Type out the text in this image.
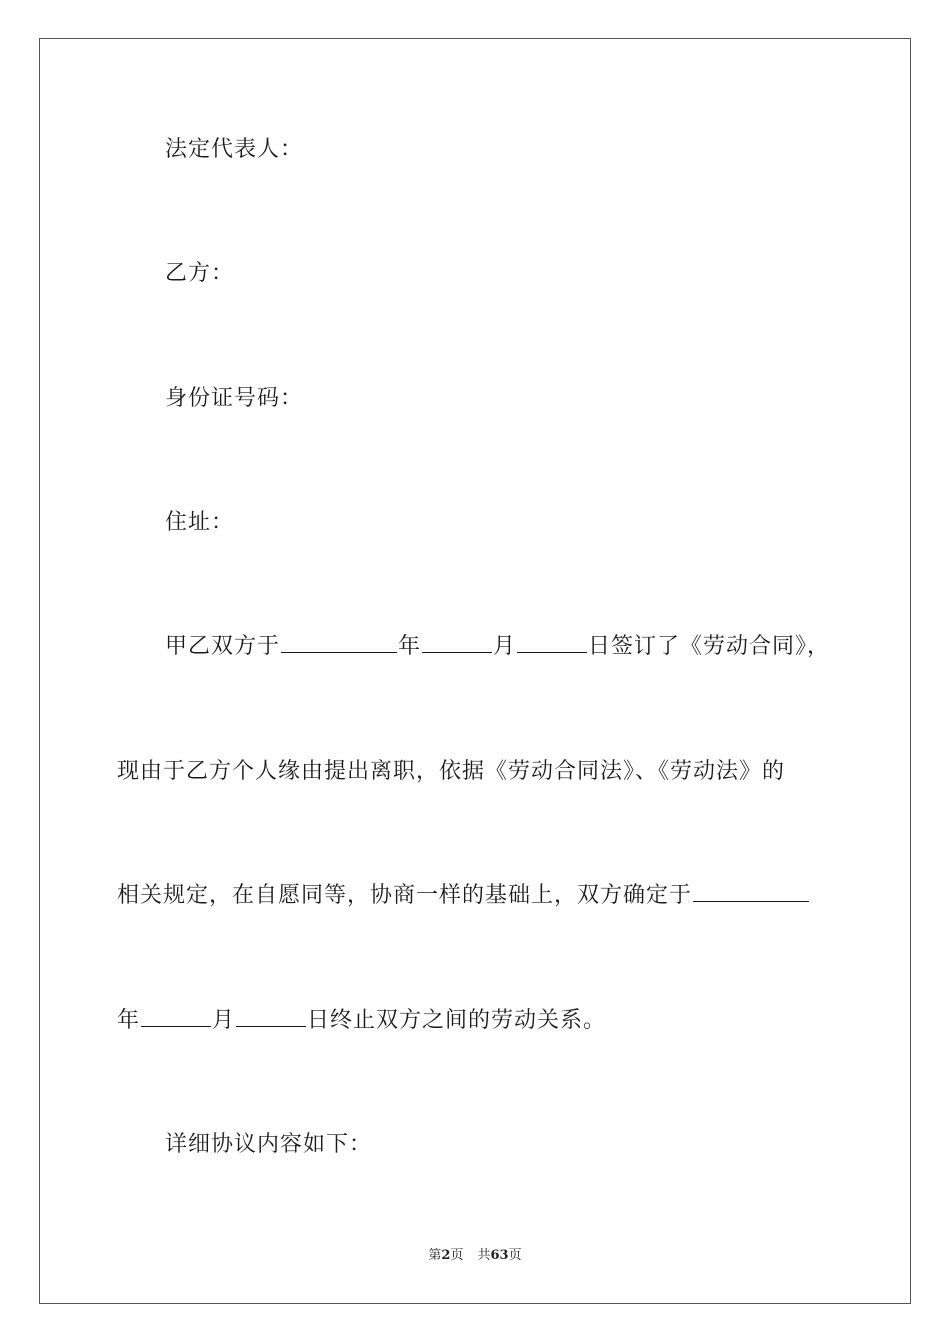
法定代表人：
乙方：
身份证号码：
住址：
甲乙双方于	年	月	日签订了《劳动合同》，
现由于乙方个人缘由提出离职，依据《劳动合同法》、《劳动法》的
相关规定，在自愿同等，协商一样的基础上，双方确定于
年	月	日终止双方之间的劳动关系。
详细协议内容如下：
第2页 共63页
